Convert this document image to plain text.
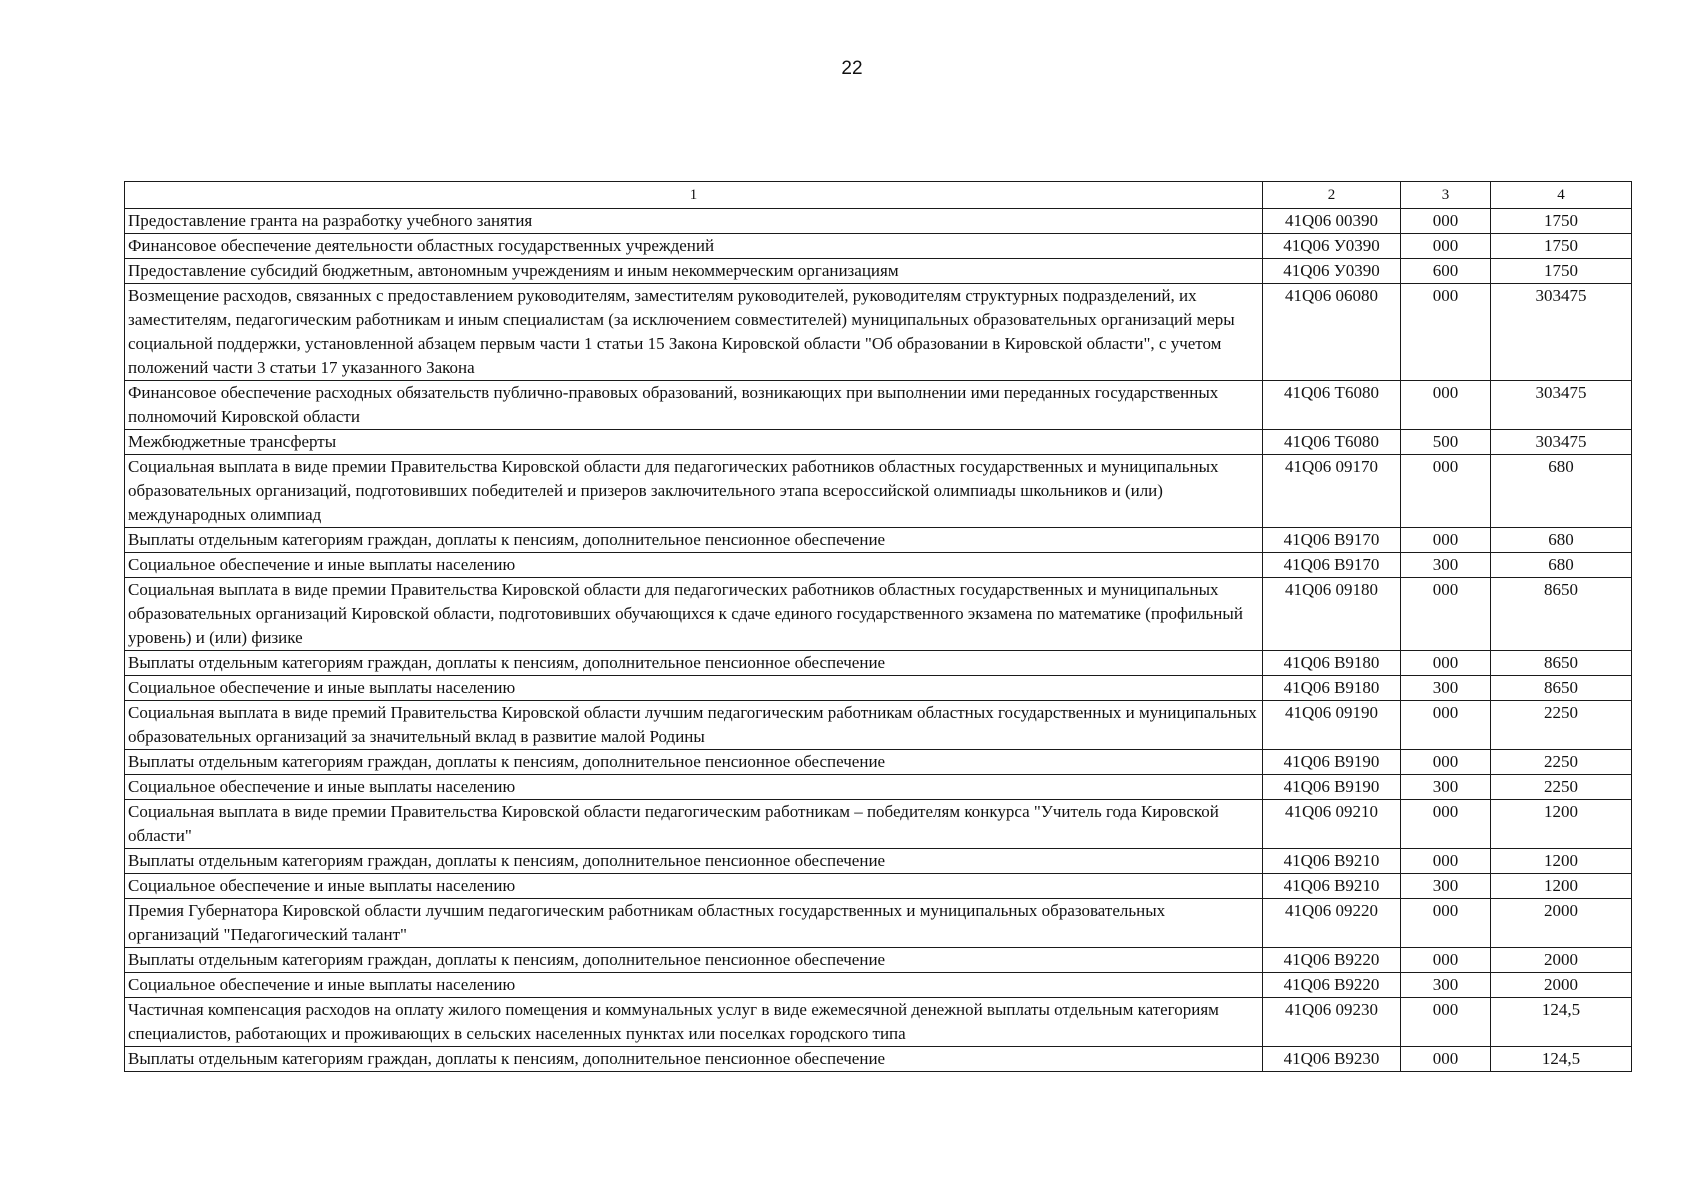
22
1	2	3	4
Предоставление гранта на разработку учебного занятия	41Q06 00390	000	1750
Финансовое обеспечение деятельности областных государственных учреждений	41Q06 У0390	000	1750
Предоставление субсидий бюджетным, автономным учреждениям и иным некоммерческим организациям	41Q06 У0390	600	1750
Возмещение расходов, связанных с предоставлением руководителям, заместителям руководителей, руководителям структурных подразделений, их заместителям, педагогическим работникам и иным специалистам (за исключением совместителей) муниципальных образовательных организаций меры социальной поддержки, установленной абзацем первым части 1 статьи 15 Закона Кировской области "Об образовании в Кировской области", с учетом положений части 3 статьи 17 указанного Закона	41Q06 06080	000	303475
Финансовое обеспечение расходных обязательств публично-правовых образований, возникающих при выполнении ими переданных государственных полномочий Кировской области	41Q06 Т6080	000	303475
Межбюджетные трансферты	41Q06 Т6080	500	303475
Социальная выплата в виде премии Правительства Кировской области для педагогических работников областных государственных и муниципальных образовательных организаций, подготовивших победителей и призеров заключительного этапа всероссийской олимпиады школьников и (или) международных олимпиад	41Q06 09170	000	680
Выплаты отдельным категориям граждан, доплаты к пенсиям, дополнительное пенсионное обеспечение	41Q06 В9170	000	680
Социальное обеспечение и иные выплаты населению	41Q06 В9170	300	680
Социальная выплата в виде премии Правительства Кировской области для педагогических работников областных государственных и муниципальных образовательных организаций Кировской области, подготовивших обучающихся к сдаче единого государственного экзамена по математике (профильный уровень) и (или) физике	41Q06 09180	000	8650
Выплаты отдельным категориям граждан, доплаты к пенсиям, дополнительное пенсионное обеспечение	41Q06 В9180	000	8650
Социальное обеспечение и иные выплаты населению	41Q06 В9180	300	8650
Социальная выплата в виде премий Правительства Кировской области лучшим педагогическим работникам областных государственных и муниципальных образовательных организаций за значительный вклад в развитие малой Родины	41Q06 09190	000	2250
Выплаты отдельным категориям граждан, доплаты к пенсиям, дополнительное пенсионное обеспечение	41Q06 В9190	000	2250
Социальное обеспечение и иные выплаты населению	41Q06 В9190	300	2250
Социальная выплата в виде премии Правительства Кировской области педагогическим работникам – победителям конкурса "Учитель года Кировской области"	41Q06 09210	000	1200
Выплаты отдельным категориям граждан, доплаты к пенсиям, дополнительное пенсионное обеспечение	41Q06 В9210	000	1200
Социальное обеспечение и иные выплаты населению	41Q06 В9210	300	1200
Премия Губернатора Кировской области лучшим педагогическим работникам областных государственных и муниципальных образовательных организаций "Педагогический талант"	41Q06 09220	000	2000
Выплаты отдельным категориям граждан, доплаты к пенсиям, дополнительное пенсионное обеспечение	41Q06 В9220	000	2000
Социальное обеспечение и иные выплаты населению	41Q06 В9220	300	2000
Частичная компенсация расходов на оплату жилого помещения и коммунальных услуг в виде ежемесячной денежной выплаты отдельным категориям специалистов, работающих и проживающих в сельских населенных пунктах или поселках городского типа	41Q06 09230	000	124,5
Выплаты отдельным категориям граждан, доплаты к пенсиям, дополнительное пенсионное обеспечение	41Q06 В9230	000	124,5
